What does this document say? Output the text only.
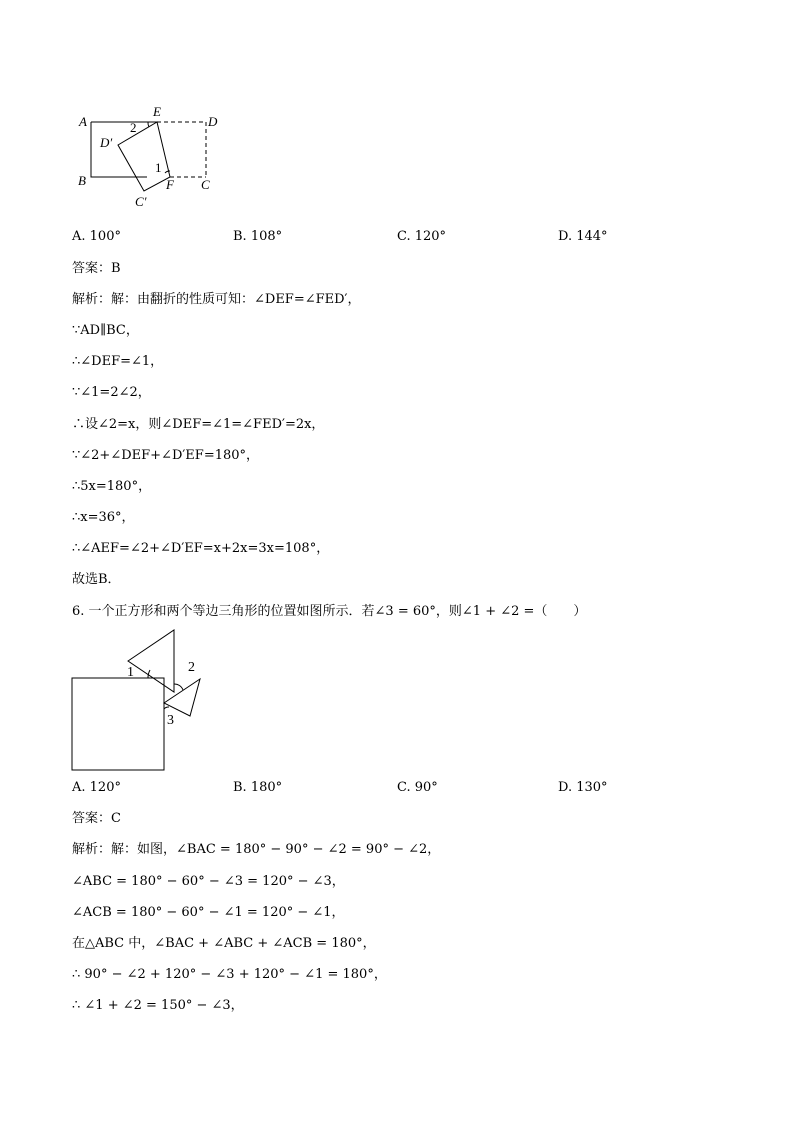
A
B
E
D
C
F
D′
C′
2
1
A. 100°	B. 108°	C. 120°	D. 144°
答案：B
解析：解：由翻折的性质可知：∠DEF=∠FED′，
∵AD∥BC，
∴∠DEF=∠1，
∵∠1=2∠2，
∴设∠2=x，则∠DEF=∠1=∠FED′=2x，
∵∠2+∠DEF+∠D′EF=180°，
∴5x=180°，
∴x=36°，
∴∠AEF=∠2+∠D′EF=x+2x=3x=108°，
故选B．
6. 一个正方形和两个等边三角形的位置如图所示．若∠3 = 60°，则∠1 + ∠2 =（　　）
1	2
3
A. 120°	B. 180°	C. 90°	D. 130°
答案：C
解析：解：如图，∠BAC = 180° − 90° − ∠2 = 90° − ∠2，
∠ABC = 180° − 60° − ∠3 = 120° − ∠3，
∠ACB = 180° − 60° − ∠1 = 120° − ∠1，
在△ABC 中，∠BAC + ∠ABC + ∠ACB = 180°，
∴ 90° − ∠2 + 120° − ∠3 + 120° − ∠1 = 180°，
∴ ∠1 + ∠2 = 150° − ∠3，
